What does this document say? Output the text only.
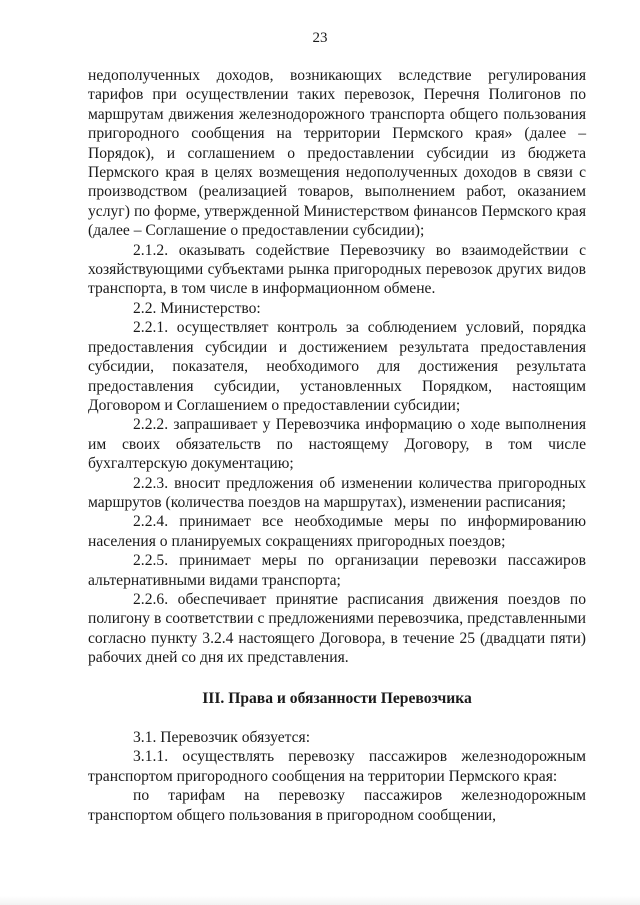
23

недополученных доходов, возникающих вследствие регулирования тарифов при осуществлении таких перевозок, Перечня Полигонов по маршрутам движения железнодорожного транспорта общего пользования пригородного сообщения на территории Пермского края» (далее – Порядок), и соглашением о предоставлении субсидии из бюджета Пермского края в целях возмещения недополученных доходов в связи с производством (реализацией товаров, выполнением работ, оказанием услуг) по форме, утвержденной Министерством финансов Пермского края (далее – Соглашение о предоставлении субсидии);

2.1.2. оказывать содействие Перевозчику во взаимодействии с хозяйствующими субъектами рынка пригородных перевозок других видов транспорта, в том числе в информационном обмене.

2.2. Министерство:

2.2.1. осуществляет контроль за соблюдением условий, порядка предоставления субсидии и достижением результата предоставления субсидии, показателя, необходимого для достижения результата предоставления субсидии, установленных Порядком, настоящим Договором и Соглашением о предоставлении субсидии;

2.2.2. запрашивает у Перевозчика информацию о ходе выполнения им своих обязательств по настоящему Договору, в том числе бухгалтерскую документацию;

2.2.3. вносит предложения об изменении количества пригородных маршрутов (количества поездов на маршрутах), изменении расписания;

2.2.4. принимает все необходимые меры по информированию населения о планируемых сокращениях пригородных поездов;

2.2.5. принимает меры по организации перевозки пассажиров альтернативными видами транспорта;

2.2.6. обеспечивает принятие расписания движения поездов по полигону в соответствии с предложениями перевозчика, представленными согласно пункту 3.2.4 настоящего Договора, в течение 25 (двадцати пяти) рабочих дней со дня их представления.

III. Права и обязанности Перевозчика

3.1. Перевозчик обязуется:

3.1.1. осуществлять перевозку пассажиров железнодорожным транспортом пригородного сообщения на территории Пермского края:

по тарифам на перевозку пассажиров железнодорожным транспортом общего пользования в пригородном сообщении,
